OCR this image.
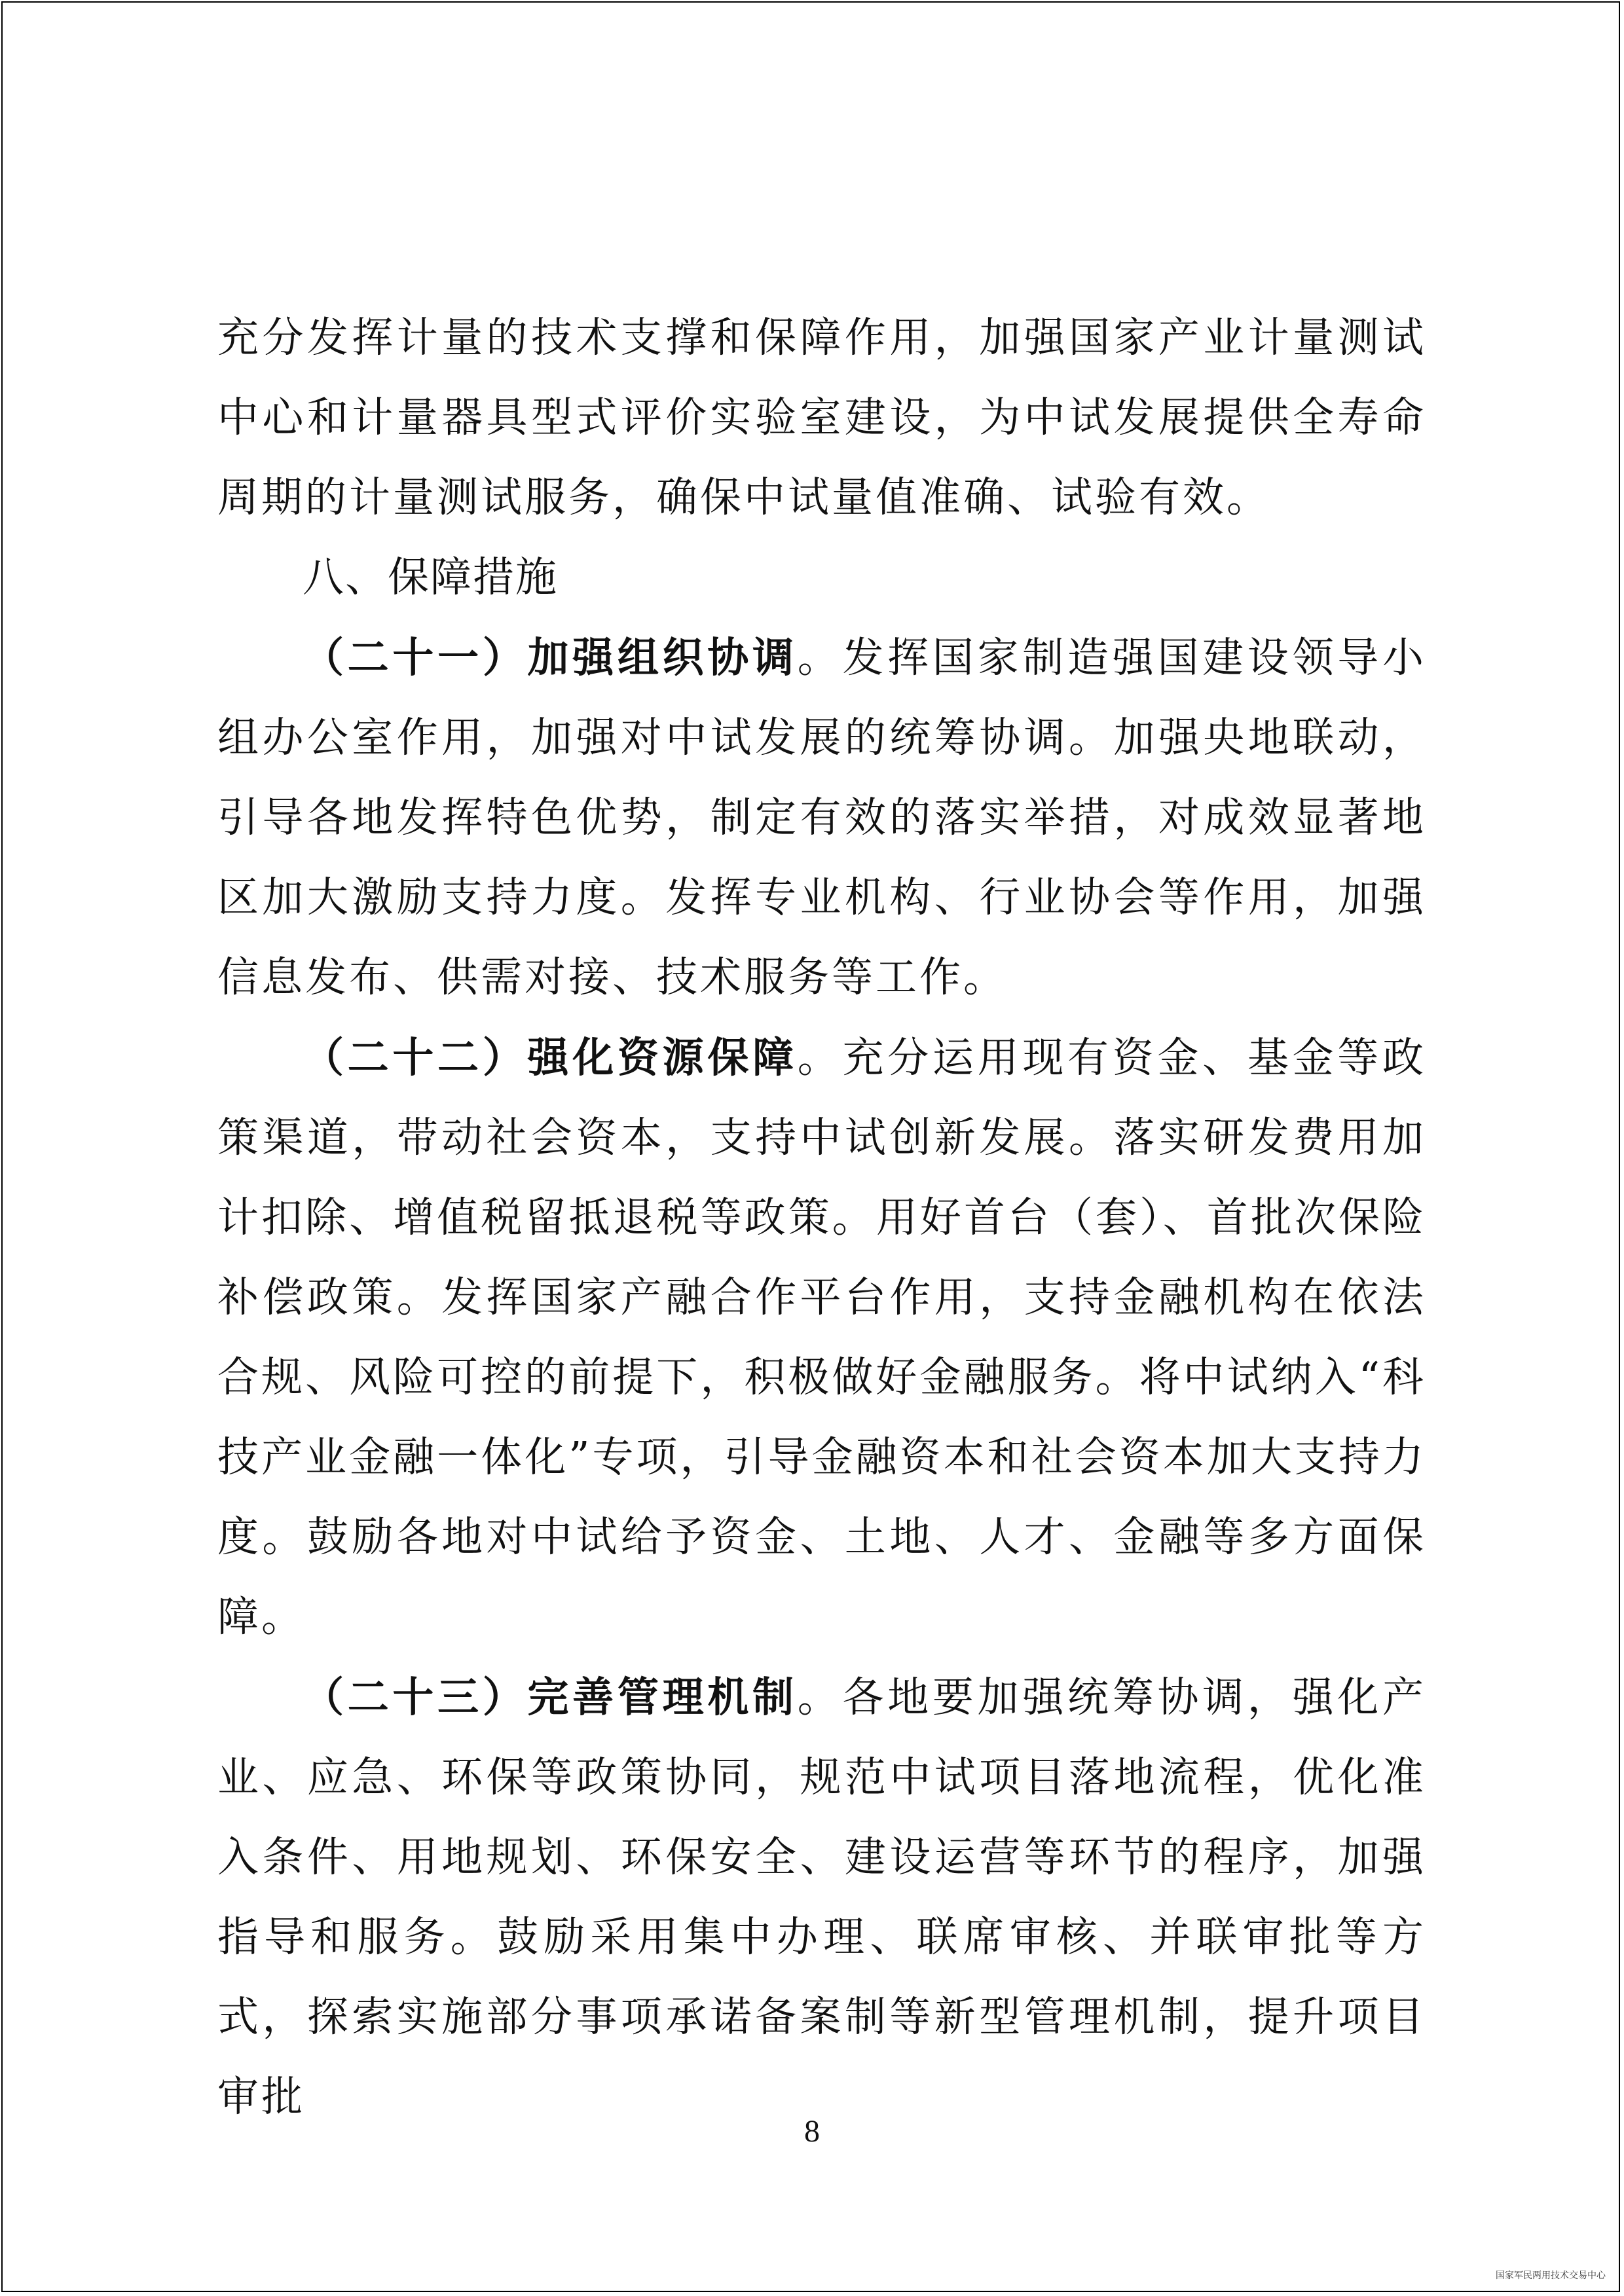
充分发挥计量的技术支撑和保障作用，加强国家产业计量测试中心和计量器具型式评价实验室建设，为中试发展提供全寿命周期的计量测试服务，确保中试量值准确、试验有效。

八、保障措施

（二十一）加强组织协调。发挥国家制造强国建设领导小组办公室作用，加强对中试发展的统筹协调。加强央地联动，引导各地发挥特色优势，制定有效的落实举措，对成效显著地区加大激励支持力度。发挥专业机构、行业协会等作用，加强信息发布、供需对接、技术服务等工作。

（二十二）强化资源保障。充分运用现有资金、基金等政策渠道，带动社会资本，支持中试创新发展。落实研发费用加计扣除、增值税留抵退税等政策。用好首台（套）、首批次保险补偿政策。发挥国家产融合作平台作用，支持金融机构在依法合规、风险可控的前提下，积极做好金融服务。将中试纳入“科技产业金融一体化”专项，引导金融资本和社会资本加大支持力度。鼓励各地对中试给予资金、土地、人才、金融等多方面保障。

（二十三）完善管理机制。各地要加强统筹协调，强化产业、应急、环保等政策协同，规范中试项目落地流程，优化准入条件、用地规划、环保安全、建设运营等环节的程序，加强指导和服务。鼓励采用集中办理、联席审核、并联审批等方式，探索实施部分事项承诺备案制等新型管理机制，提升项目审批

8
国家军民两用技术交易中心
